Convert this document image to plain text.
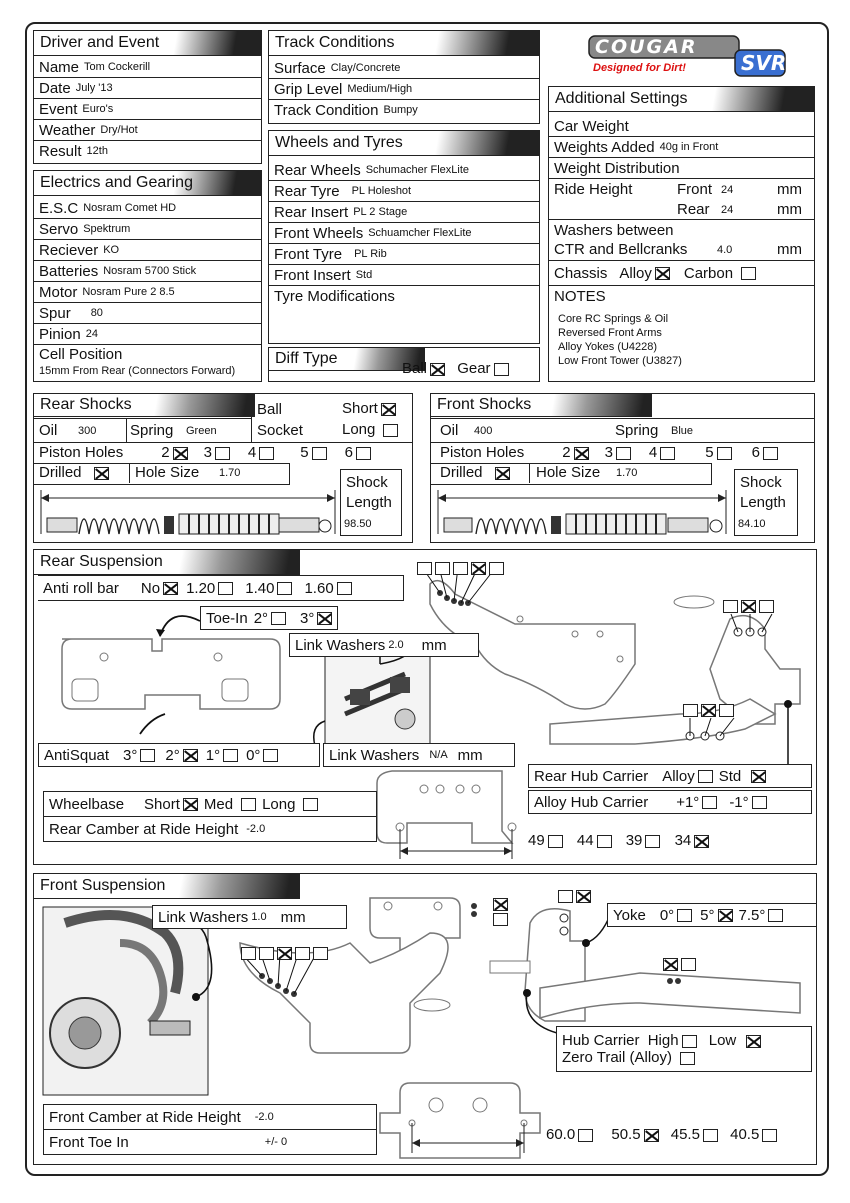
COUGAR
SVR
Designed for Dirt!
Driver and Event
Name Tom Cockerill
Date July '13
Event Euro's
Weather Dry/Hot
Result 12th
Electrics and Gearing
E.S.C Nosram Comet HD
Servo Spektrum
Reciever KO
Batteries Nosram 5700 Stick
Motor Nosram Pure 2 8.5
Spur 80
Pinion 24
Cell Position
15mm From Rear (Connectors Forward)
Track Conditions
Surface Clay/Concrete
Grip Level Medium/High
Track Condition Bumpy
Wheels and Tyres
Rear Wheels Schumacher FlexLite
Rear Tyre PL Holeshot
Rear Insert PL 2 Stage
Front Wheels Schuamcher FlexLite
Front Tyre PL Rib
Front Insert Std
Tyre Modifications
Diff Type
Ball Gear
Additional Settings
Car Weight
Weights Added 40g in Front
Weight Distribution
Ride Height	Front 24	mm
Rear 24	mm
Washers between
CTR and Bellcranks	4.0	mm
Chassis Alloy Carbon
NOTES
Core RC Springs & Oil
Reversed Front Arms
Alloy Yokes (U4228)
Low Front Tower (U3827)
Rear Shocks
Oil 300 Spring Green
Ball
Socket
Short
Long
Piston Holes	2	3	4	5	6
Drilled	Hole Size 1.70
Shock
Length
98.50
Front Shocks
Oil 400	Spring Blue
Piston Holes	2	3	4	5	6
Drilled	Hole Size 1.70
Shock
Length
84.10
Rear Suspension
Anti roll bar No 1.20 1.40 1.60
Toe-In 2° 3°
Link Washers 2.0 mm
Link Washers N/A mm
AntiSquat 3° 2° 1° 0°
Rear Hub Carrier Alloy Std
Alloy Hub Carrier +1° -1°
Wheelbase Short Med Long
Rear Camber at Ride Height -2.0
49 44 39 34
Front Suspension
Link Washers 1.0 mm	Yoke 0° 5° 7.5°
Hub Carrier High Low
Zero Trail (Alloy)
Front Camber at Ride Height -2.0
Front Toe In	+/- 0	60.0 50.5 45.5 40.5
